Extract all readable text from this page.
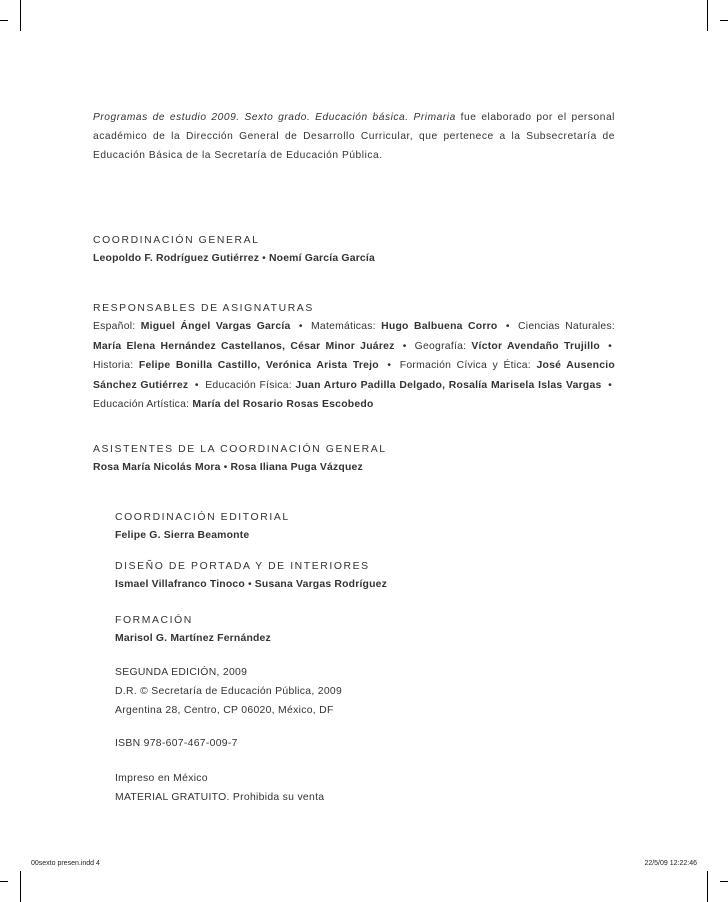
Programas de estudio 2009. Sexto grado. Educación básica. Primaria fue elaborado por el personal académico de la Dirección General de Desarrollo Curricular, que pertenece a la Subsecretaría de Educación Básica de la Secretaría de Educación Pública.
COORDINACIÓN GENERAL
Leopoldo F. Rodríguez Gutiérrez • Noemí García García
RESPONSABLES DE ASIGNATURAS
Español: Miguel Ángel Vargas García • Matemáticas: Hugo Balbuena Corro • Ciencias Naturales: María Elena Hernández Castellanos, César Minor Juárez • Geografía: Víctor Avendaño Trujillo • Historia: Felipe Bonilla Castillo, Verónica Arista Trejo • Formación Cívica y Ética: José Ausencio Sánchez Gutiérrez • Educación Física: Juan Arturo Padilla Delgado, Rosalía Marisela Islas Vargas • Educación Artística: María del Rosario Rosas Escobedo
ASISTENTES DE LA COORDINACIÓN GENERAL
Rosa María Nicolás Mora • Rosa Iliana Puga Vázquez
COORDINACIÓN EDITORIAL
Felipe G. Sierra Beamonte
DISEÑO DE PORTADA Y DE INTERIORES
Ismael Villafranco Tinoco • Susana Vargas Rodríguez
FORMACIÓN
Marisol G. Martínez Fernández
SEGUNDA EDICIÓN, 2009
D.R. © Secretaría de Educación Pública, 2009
Argentina 28, Centro, CP 06020, México, DF
ISBN 978-607-467-009-7
Impreso en México
MATERIAL GRATUITO. Prohibida su venta
00sexto presen.indd 4	22/5/09 12:22:46
